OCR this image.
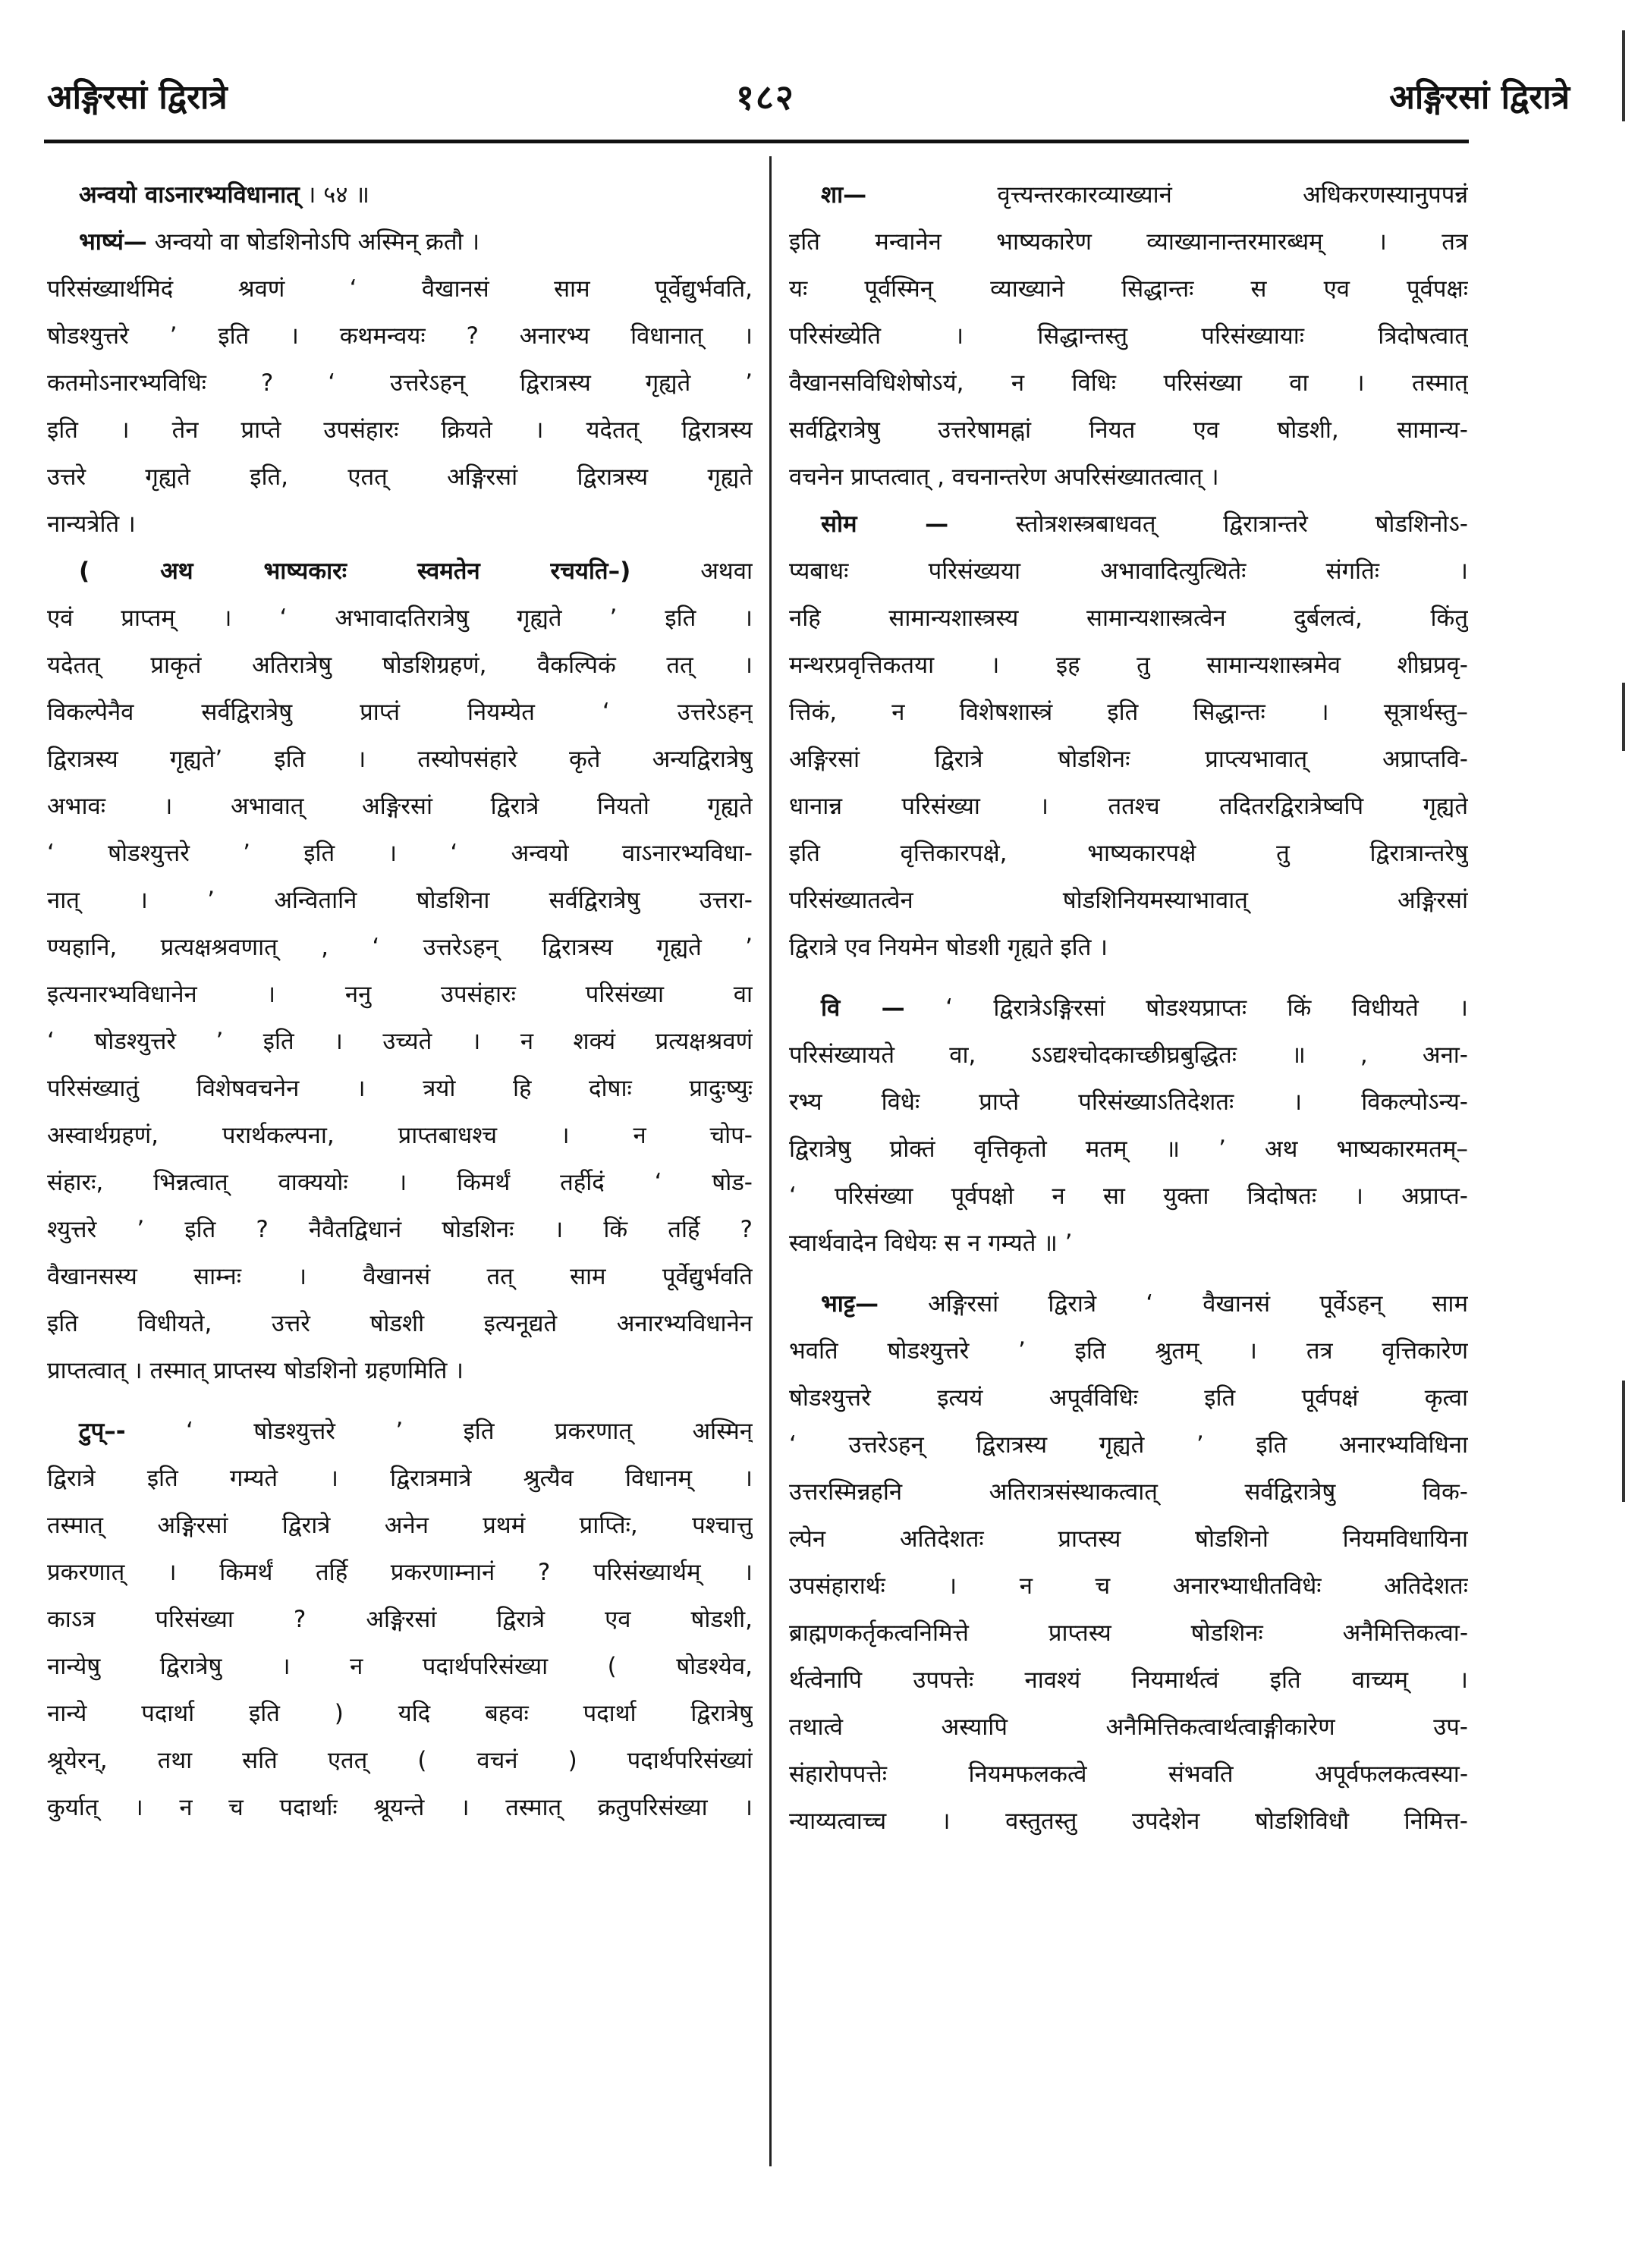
अङ्गिरसां द्विरात्रे	१८२	अङ्गिरसां द्विरात्रे
अन्वयो वाऽनारभ्यविधानात् । ५४ ॥
भाष्यं— अन्वयो वा षोडशिनोऽपि अस्मिन् क्रतौ ।
परिसंख्यार्थमिदं श्रवणं ‘ वैखानसं साम पूर्वेद्युर्भवति,
षोडश्युत्तरे ’ इति । कथमन्वयः ? अनारभ्य विधानात् ।
कतमोऽनारभ्यविधिः ? ‘ उत्तरेऽहन् द्विरात्रस्य गृह्यते ’
इति । तेन प्राप्ते उपसंहारः क्रियते । यदेतत् द्विरात्रस्य
उत्तरे गृह्यते इति, एतत् अङ्गिरसां द्विरात्रस्य गृह्यते
नान्यत्रेति ।
( अथ भाष्यकारः स्वमतेन रचयति–) अथवा
एवं प्राप्तम् । ‘ अभावादतिरात्रेषु गृह्यते ’ इति ।
यदेतत् प्राकृतं अतिरात्रेषु षोडशिग्रहणं, वैकल्पिकं तत् ।
विकल्पेनैव सर्वद्विरात्रेषु प्राप्तं नियम्येत ‘ उत्तरेऽहन्
द्विरात्रस्य गृह्यते’ इति । तस्योपसंहारे कृते अन्यद्विरात्रेषु
अभावः । अभावात् अङ्गिरसां द्विरात्रे नियतो गृह्यते
‘ षोडश्युत्तरे ’ इति । ‘ अन्वयो वाऽनारभ्यविधा-
नात् । ’ अन्वितानि षोडशिना सर्वद्विरात्रेषु उत्तरा-
ण्यहानि, प्रत्यक्षश्रवणात् , ‘ उत्तरेऽहन् द्विरात्रस्य गृह्यते ’
इत्यनारभ्यविधानेन । ननु उपसंहारः परिसंख्या वा
‘ षोडश्युत्तरे ’ इति । उच्यते । न शक्यं प्रत्यक्षश्रवणं
परिसंख्यातुं विशेषवचनेन । त्रयो हि दोषाः प्रादुःष्युः
अस्वार्थग्रहणं, परार्थकल्पना, प्राप्तबाधश्च । न चोप-
संहारः, भिन्नत्वात् वाक्ययोः । किमर्थं तर्हीदं ‘ षोड-
श्युत्तरे ’ इति ? नैवैतद्विधानं षोडशिनः । किं तर्हि ?
वैखानसस्य साम्नः । वैखानसं तत् साम पूर्वेद्युर्भवति
इति विधीयते, उत्तरे षोडशी इत्यनूद्यते अनारभ्यविधानेन
प्राप्तत्वात् । तस्मात् प्राप्तस्य षोडशिनो ग्रहणमिति ।
टुप्–- ‘ षोडश्युत्तरे ’ इति प्रकरणात् अस्मिन्
द्विरात्रे इति गम्यते । द्विरात्रमात्रे श्रुत्यैव विधानम् ।
तस्मात् अङ्गिरसां द्विरात्रे अनेन प्रथमं प्राप्तिः, पश्चात्तु
प्रकरणात् । किमर्थं तर्हि प्रकरणाम्नानं ? परिसंख्यार्थम् ।
काऽत्र परिसंख्या ? अङ्गिरसां द्विरात्रे एव षोडशी,
नान्येषु द्विरात्रेषु । न पदार्थपरिसंख्या ( षोडश्येव,
नान्ये पदार्था इति ) यदि बहवः पदार्था द्विरात्रेषु
श्रूयेरन्, तथा सति एतत् ( वचनं ) पदार्थपरिसंख्यां
कुर्यात् । न च पदार्थाः श्रूयन्ते । तस्मात् क्रतुपरिसंख्या ।
शा— वृत्त्यन्तरकारव्याख्यानं अधिकरणस्यानुपपन्नं
इति मन्वानेन भाष्यकारेण व्याख्यानान्तरमारब्धम् । तत्र
यः पूर्वस्मिन् व्याख्याने सिद्धान्तः स एव पूर्वपक्षः
परिसंख्येति । सिद्धान्तस्तु परिसंख्यायाः त्रिदोषत्वात्
वैखानसविधिशेषोऽयं, न विधिः परिसंख्या वा । तस्मात्
सर्वद्विरात्रेषु उत्तरेषामह्नां नियत एव षोडशी, सामान्य-
वचनेन प्राप्तत्वात् , वचनान्तरेण अपरिसंख्यातत्वात् ।
सोम — स्तोत्रशस्त्रबाधवत् द्विरात्रान्तरे षोडशिनोऽ-
प्यबाधः परिसंख्यया अभावादित्युत्थितेः संगतिः ।
नहि सामान्यशास्त्रस्य सामान्यशास्त्रत्वेन दुर्बलत्वं, किंतु
मन्थरप्रवृत्तिकतया । इह तु सामान्यशास्त्रमेव शीघ्रप्रवृ-
त्तिकं, न विशेषशास्त्रं इति सिद्धान्तः । सूत्रार्थस्तु–
अङ्गिरसां द्विरात्रे षोडशिनः प्राप्त्यभावात् अप्राप्तवि-
धानान्न परिसंख्या । ततश्च तदितरद्विरात्रेष्वपि गृह्यते
इति वृत्तिकारपक्षे, भाष्यकारपक्षे तु द्विरात्रान्तरेषु
परिसंख्यातत्वेन षोडशिनियमस्याभावात् अङ्गिरसां
द्विरात्रे एव नियमेन षोडशी गृह्यते इति ।
वि — ‘ द्विरात्रेऽङ्गिरसां षोडश्यप्राप्तः किं विधीयते ।
परिसंख्यायते वा, ऽऽद्यश्चोदकाच्छीघ्रबुद्धितः ॥ , अना-
रभ्य विधेः प्राप्ते परिसंख्याऽतिदेशतः । विकल्पोऽन्य-
द्विरात्रेषु प्रोक्तं वृत्तिकृतो मतम् ॥ ’ अथ भाष्यकारमतम्–
‘ परिसंख्या पूर्वपक्षो न सा युक्ता त्रिदोषतः । अप्राप्त-
स्वार्थवादेन विधेयः स न गम्यते ॥ ’
भाट्ट— अङ्गिरसां द्विरात्रे ‘ वैखानसं पूर्वेऽहन् साम
भवति षोडश्युत्तरे ’ इति श्रुतम् । तत्र वृत्तिकारेण
षोडश्युत्तरे इत्ययं अपूर्वविधिः इति पूर्वपक्षं कृत्वा
‘ उत्तरेऽहन् द्विरात्रस्य गृह्यते ’ इति अनारभ्यविधिना
उत्तरस्मिन्नहनि अतिरात्रसंस्थाकत्वात् सर्वद्विरात्रेषु विक-
ल्पेन अतिदेशतः प्राप्तस्य षोडशिनो नियमविधायिना
उपसंहारार्थः । न च अनारभ्याधीतविधेः अतिदेशतः
ब्राह्मणकर्तृकत्वनिमित्ते प्राप्तस्य षोडशिनः अनैमित्तिकत्वा-
र्थत्वेनापि उपपत्तेः नावश्यं नियमार्थत्वं इति वाच्यम् ।
तथात्वे अस्यापि अनैमित्तिकत्वार्थत्वाङ्गीकारेण उप-
संहारोपपत्तेः नियमफलकत्वे संभवति अपूर्वफलकत्वस्या-
न्याय्यत्वाच्च । वस्तुतस्तु उपदेशेन षोडशिविधौ निमित्त-
